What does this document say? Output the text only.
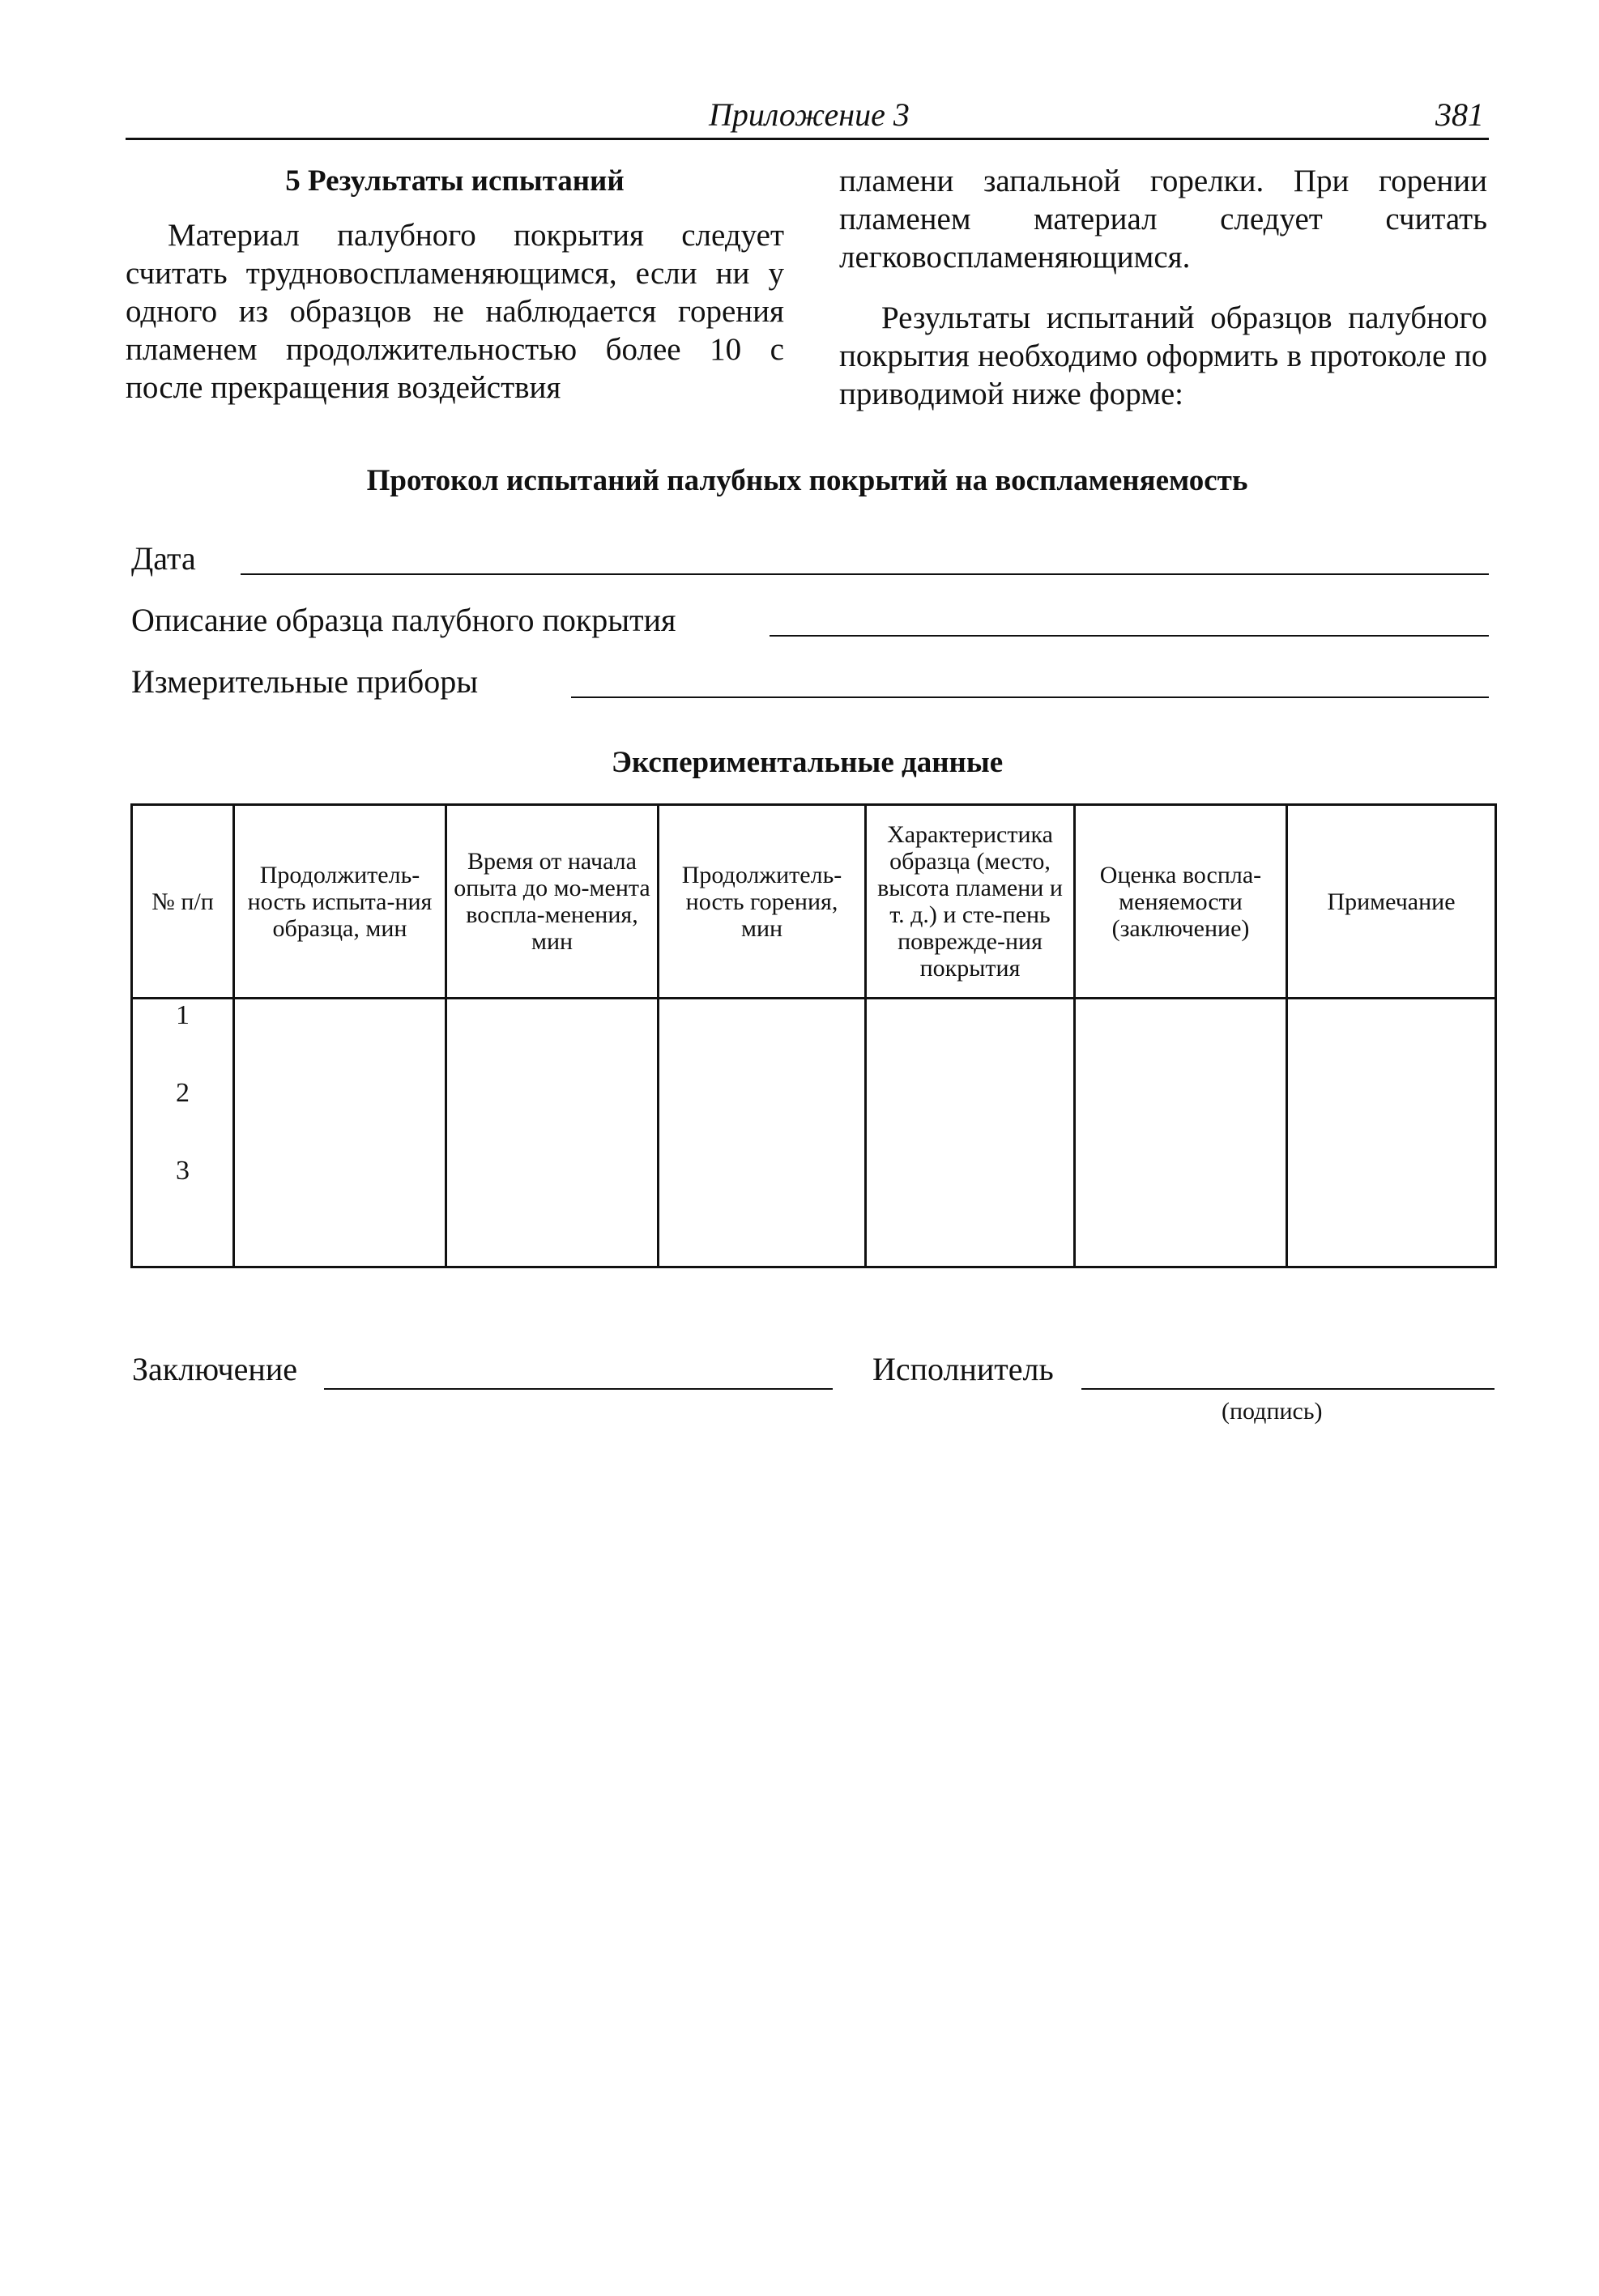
Приложение 3	381
5 Результаты испытаний

Материал палубного покрытия следует считать трудновоспламеняющимся, если ни у одного из образцов не наблюдается горения пламенем продолжительностью более 10 с после прекращения воздействия

пламени запальной горелки. При горении пламенем материал следует считать легковоспламеняющимся.

Результаты испытаний образцов палубного покрытия необходимо оформить в протоколе по приводимой ниже форме:

Протокол испытаний палубных покрытий на воспламеняемость
Дата
Описание образца палубного покрытия
Измерительные приборы
Экспериментальные данные
№ п/п	Продолжитель-ность испыта-ния образца, мин	Время от начала опыта до мо-мента воспла-менения, мин	Продолжитель-ность горения, мин	Характеристика образца (место, высота пламени и т. д.) и сте-пень поврежде-ния покрытия	Оценка воспла-меняемости (заключение)	Примечание

1
2
3						

Заключение	Исполнитель
(подпись)
